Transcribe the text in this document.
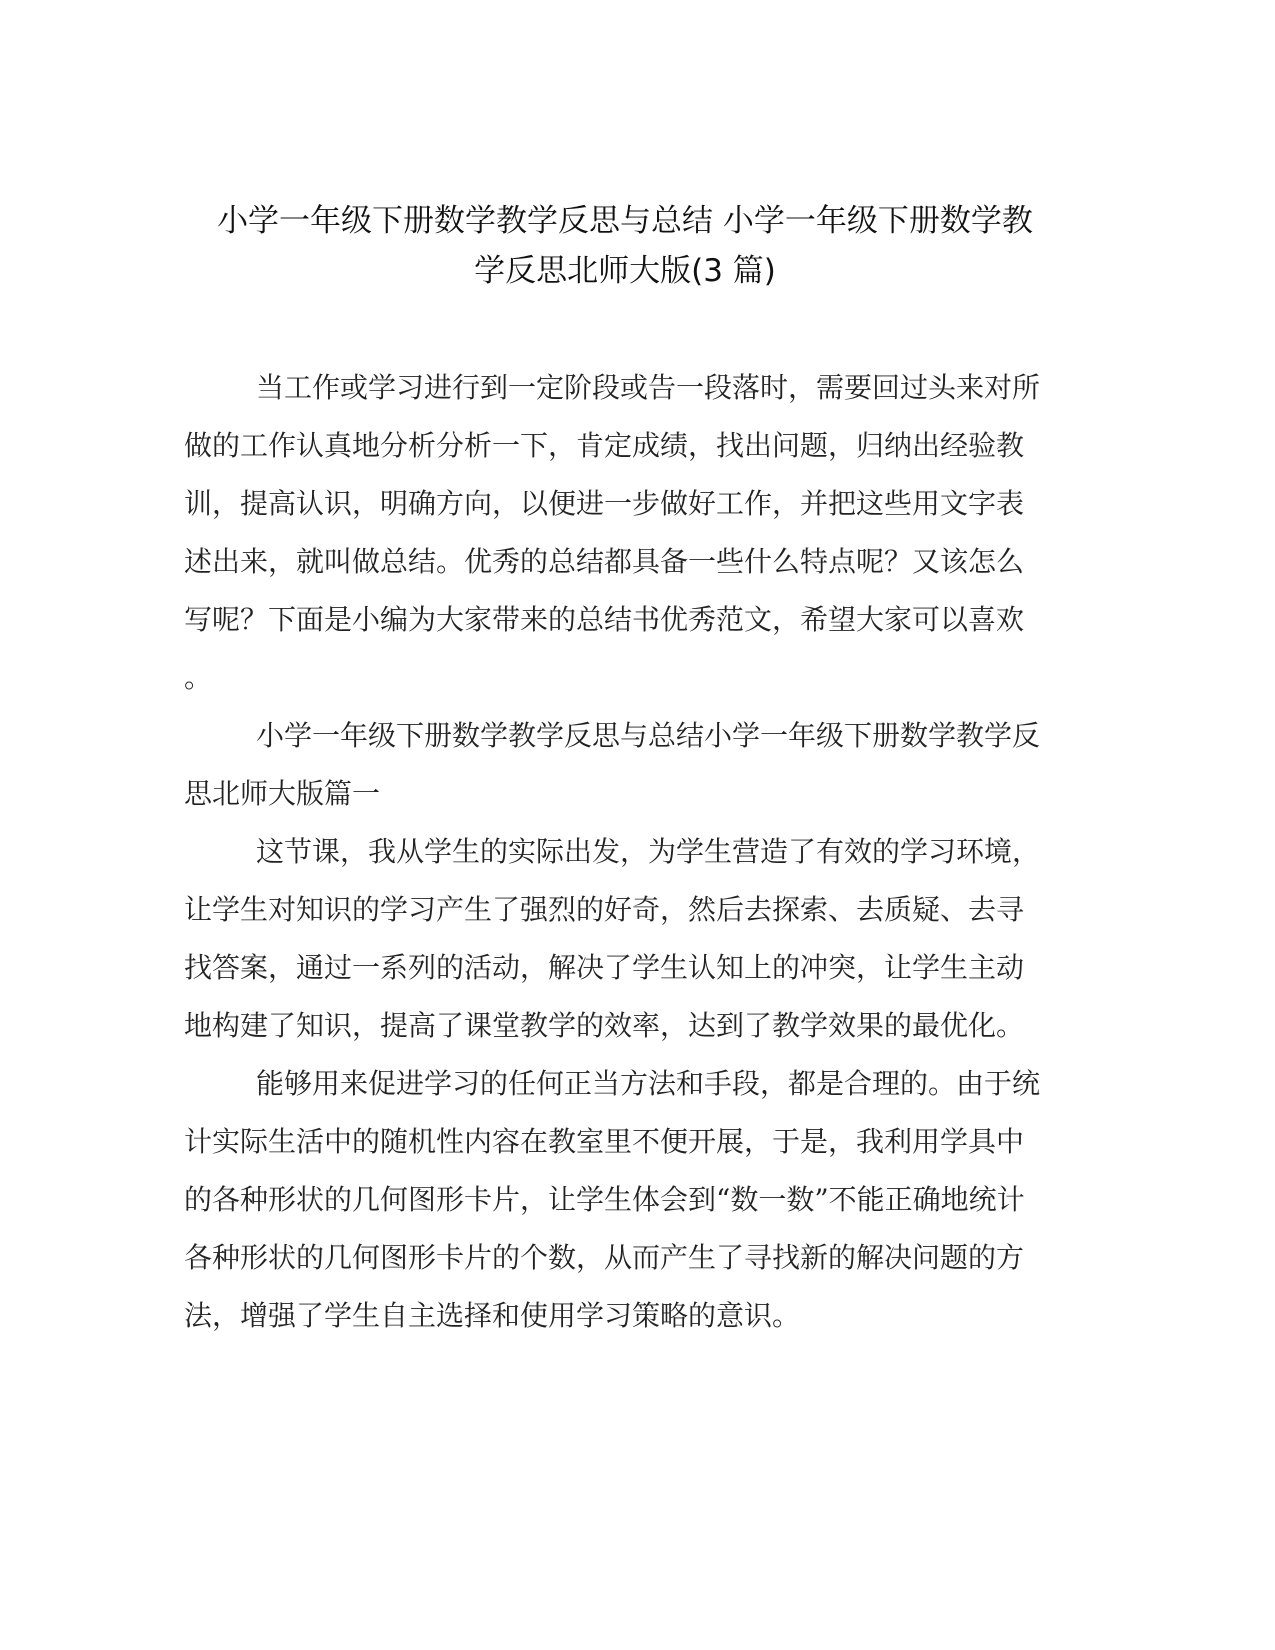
小学一年级下册数学教学反思与总结 小学一年级下册数学教
学反思北师大版(3 篇)
当工作或学习进行到一定阶段或告一段落时，需要回过头来对所
做的工作认真地分析分析一下，肯定成绩，找出问题，归纳出经验教
训，提高认识，明确方向，以便进一步做好工作，并把这些用文字表
述出来，就叫做总结。优秀的总结都具备一些什么特点呢？又该怎么
写呢？下面是小编为大家带来的总结书优秀范文，希望大家可以喜欢
。
小学一年级下册数学教学反思与总结小学一年级下册数学教学反
思北师大版篇一
这节课，我从学生的实际出发，为学生营造了有效的学习环境，
让学生对知识的学习产生了强烈的好奇，然后去探索、去质疑、去寻
找答案，通过一系列的活动，解决了学生认知上的冲突，让学生主动
地构建了知识，提高了课堂教学的效率，达到了教学效果的最优化。
能够用来促进学习的任何正当方法和手段，都是合理的。由于统
计实际生活中的随机性内容在教室里不便开展，于是，我利用学具中
的各种形状的几何图形卡片，让学生体会到“数一数”不能正确地统计
各种形状的几何图形卡片的个数，从而产生了寻找新的解决问题的方
法，增强了学生自主选择和使用学习策略的意识。
